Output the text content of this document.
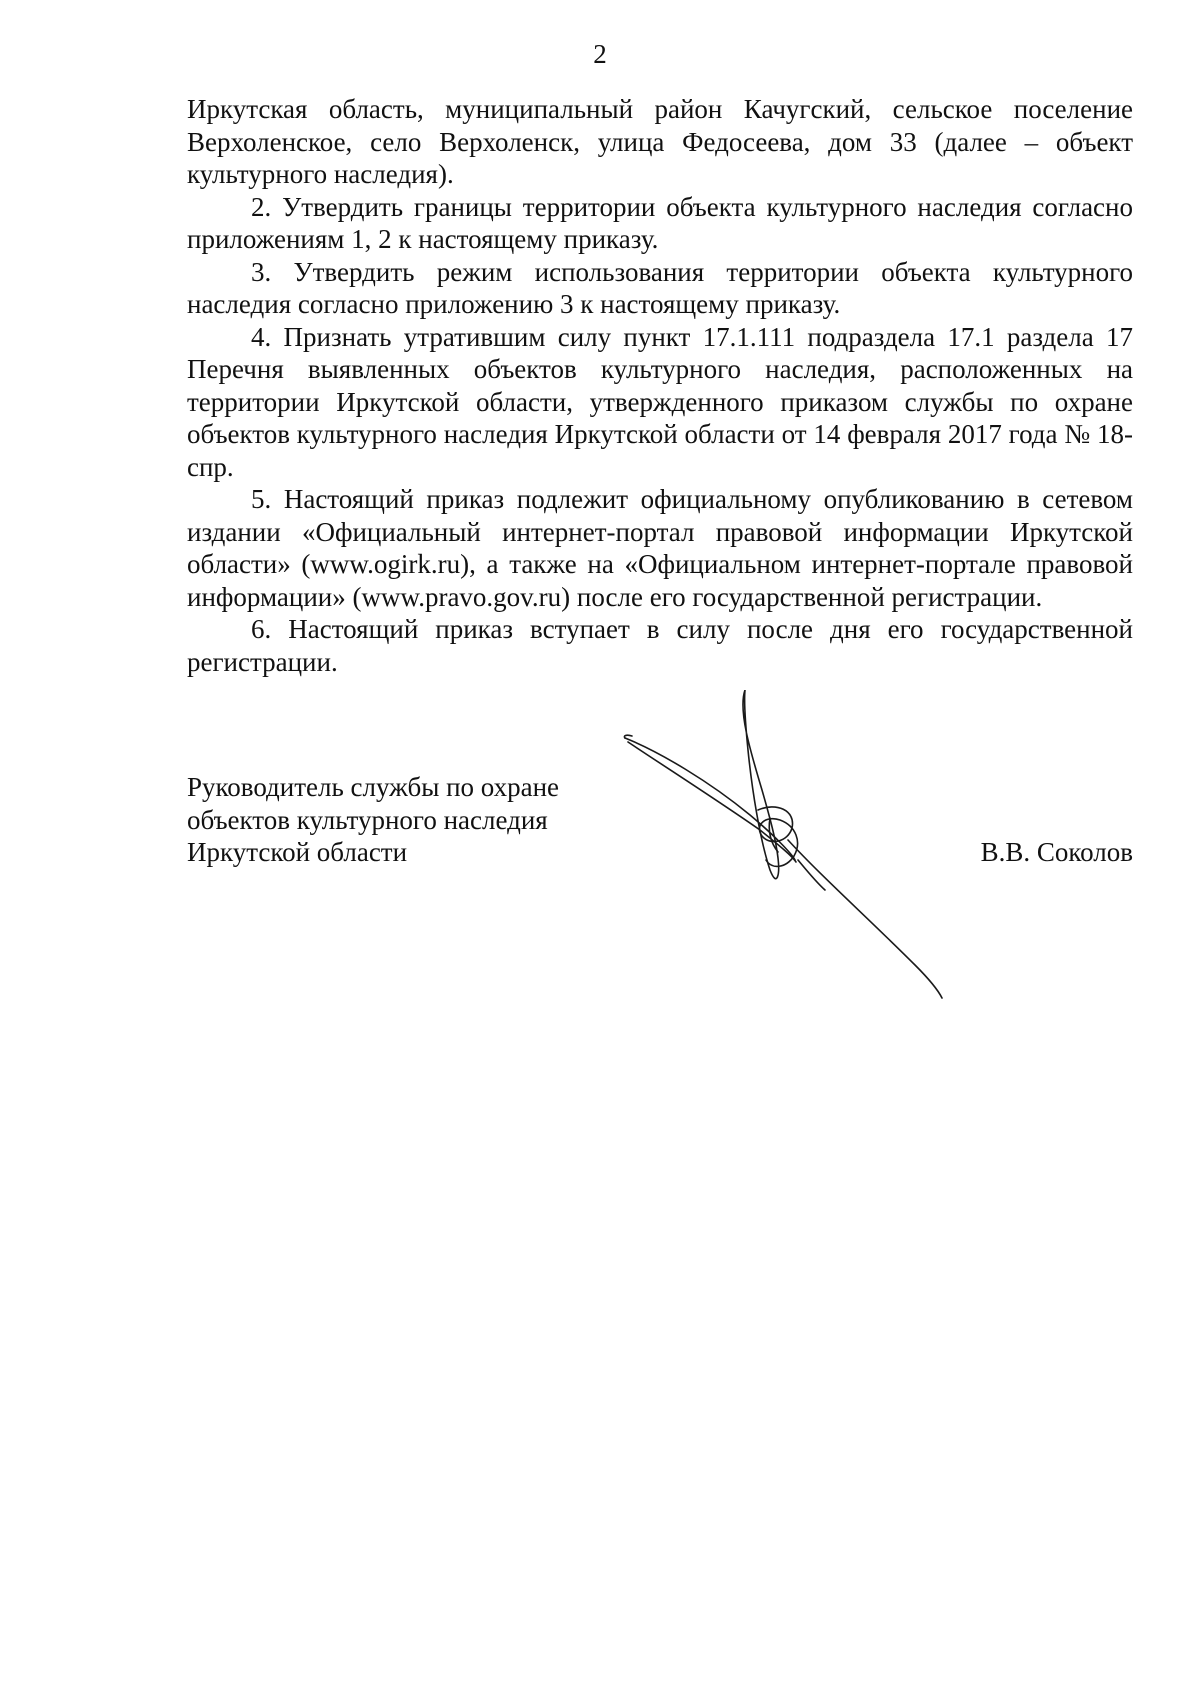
2

Иркутская область, муниципальный район Качугский, сельское поселение Верхоленское, село Верхоленск, улица Федосеева, дом 33 (далее – объект культурного наследия).

2. Утвердить границы территории объекта культурного наследия согласно приложениям 1, 2 к настоящему приказу.

3. Утвердить режим использования территории объекта культурного наследия согласно приложению 3 к настоящему приказу.

4. Признать утратившим силу пункт 17.1.111 подраздела 17.1 раздела 17 Перечня выявленных объектов культурного наследия, расположенных на территории Иркутской области, утвержденного приказом службы по охране объектов культурного наследия Иркутской области от 14 февраля 2017 года № 18-спр.

5. Настоящий приказ подлежит официальному опубликованию в сетевом издании «Официальный интернет-портал правовой информации Иркутской области» (www.ogirk.ru), а также на «Официальном интернет-портале правовой информации» (www.pravo.gov.ru) после его государственной регистрации.

6. Настоящий приказ вступает в силу после дня его государственной регистрации.

Руководитель службы по охране
объектов культурного наследия
Иркутской области	В.В. Соколов
